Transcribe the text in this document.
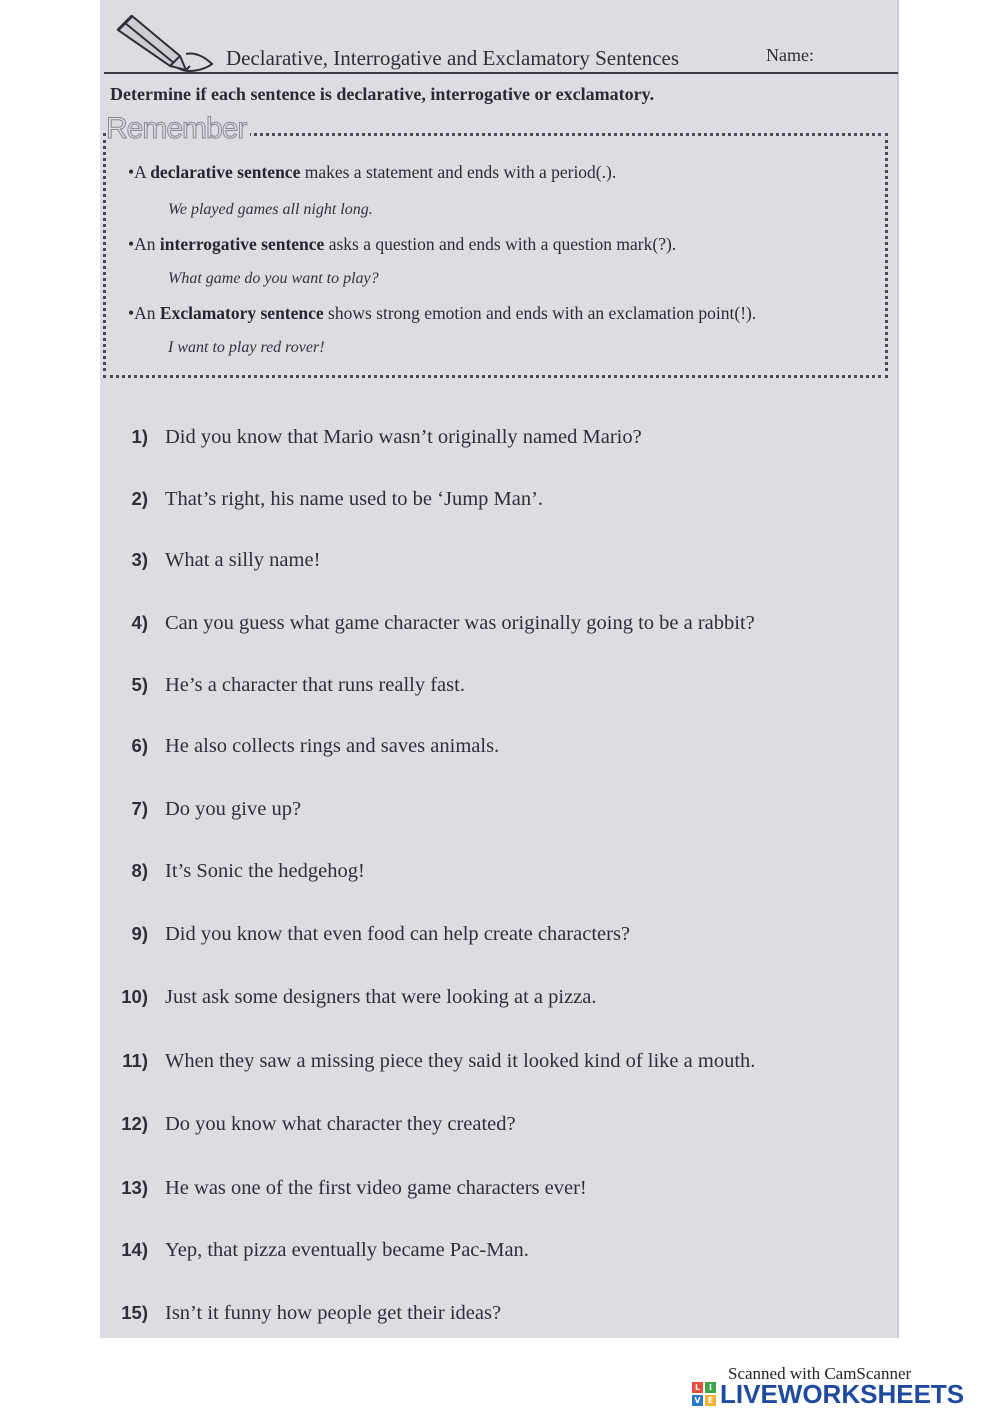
Declarative, Interrogative and Exclamatory Sentences	Name:
Determine if each sentence is declarative, interrogative or exclamatory.
Remember
•A declarative sentence makes a statement and ends with a period(.).
We played games all night long.
•An interrogative sentence asks a question and ends with a question mark(?).
What game do you want to play?
•An Exclamatory sentence shows strong emotion and ends with an exclamation point(!).
I want to play red rover!
1) Did you know that Mario wasn’t originally named Mario?
2) That’s right, his name used to be ‘Jump Man’.
3) What a silly name!
4) Can you guess what game character was originally going to be a rabbit?
5) He’s a character that runs really fast.
6) He also collects rings and saves animals.
7) Do you give up?
8) It’s Sonic the hedgehog!
9) Did you know that even food can help create characters?
10) Just ask some designers that were looking at a pizza.
11) When they saw a missing piece they said it looked kind of like a mouth.
12) Do you know what character they created?
13) He was one of the first video game characters ever!
14) Yep, that pizza eventually became Pac-Man.
15) Isn’t it funny how people get their ideas?
Scanned with CamScanner
L	i
V E LIVEWORKSHEETS
